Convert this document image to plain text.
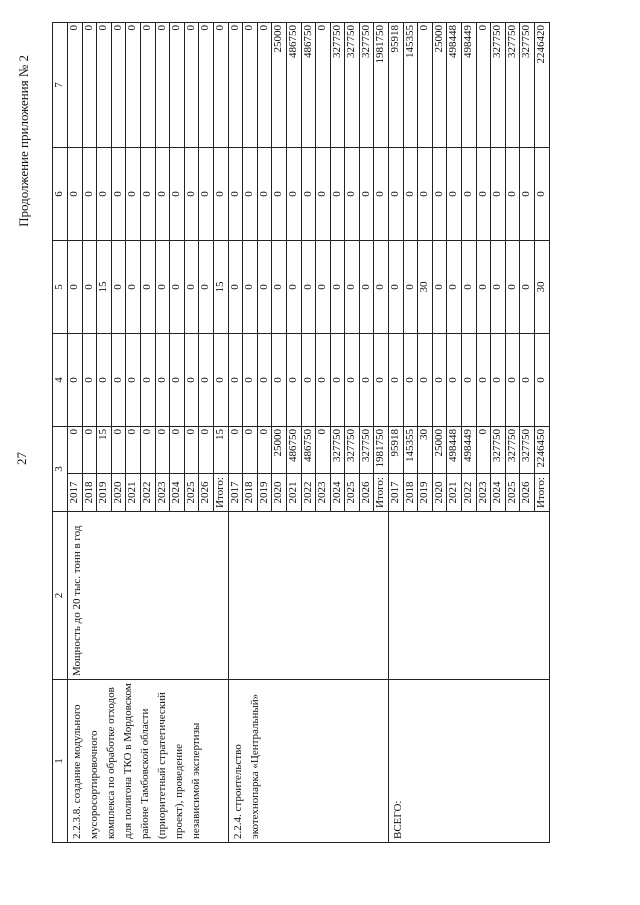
27
Продолжение приложения № 2
1	2	3		4	5	6	7
2.2.3.8. создание модульного мусоросортировочного комплекса по обработке отходов для полигона ТКО в Мордовском районе Тамбовской области (приоритетный стратегический проект), проведение независимой экспертизы	Мощность до 20 тыс. тонн в год	2017	0	0	0	0	0
		2018	0	0	0	0	0
		2019	15	0	15	0	0
		2020	0	0	0	0	0
		2021	0	0	0	0	0
		2022	0	0	0	0	0
		2023	0	0	0	0	0
		2024	0	0	0	0	0
		2025	0	0	0	0	0
		2026	0	0	0	0	0
		Итого:	15	0	15	0	0
2.2.4. строительство экотехнопарка «Центральный»		2017	0	0	0	0	0
		2018	0	0	0	0	0
		2019	0	0	0	0	0
		2020	25000	0	0	0	25000
		2021	486750	0	0	0	486750
		2022	486750	0	0	0	486750
		2023	0	0	0	0	0
		2024	327750	0	0	0	327750
		2025	327750	0	0	0	327750
		2026	327750	0	0	0	327750
		Итого:	1981750	0	0	0	1981750
ВСЕГО:		2017	95918	0	0	0	95918
		2018	145355	0	0	0	145355
		2019	30	0	30	0	0
		2020	25000	0	0	0	25000
		2021	498448	0	0	0	498448
		2022	498449	0	0	0	498449
		2023	0	0	0	0	0
		2024	327750	0	0	0	327750
		2025	327750	0	0	0	327750
		2026	327750	0	0	0	327750
		Итого:	2246450	0	30	0	2246420
